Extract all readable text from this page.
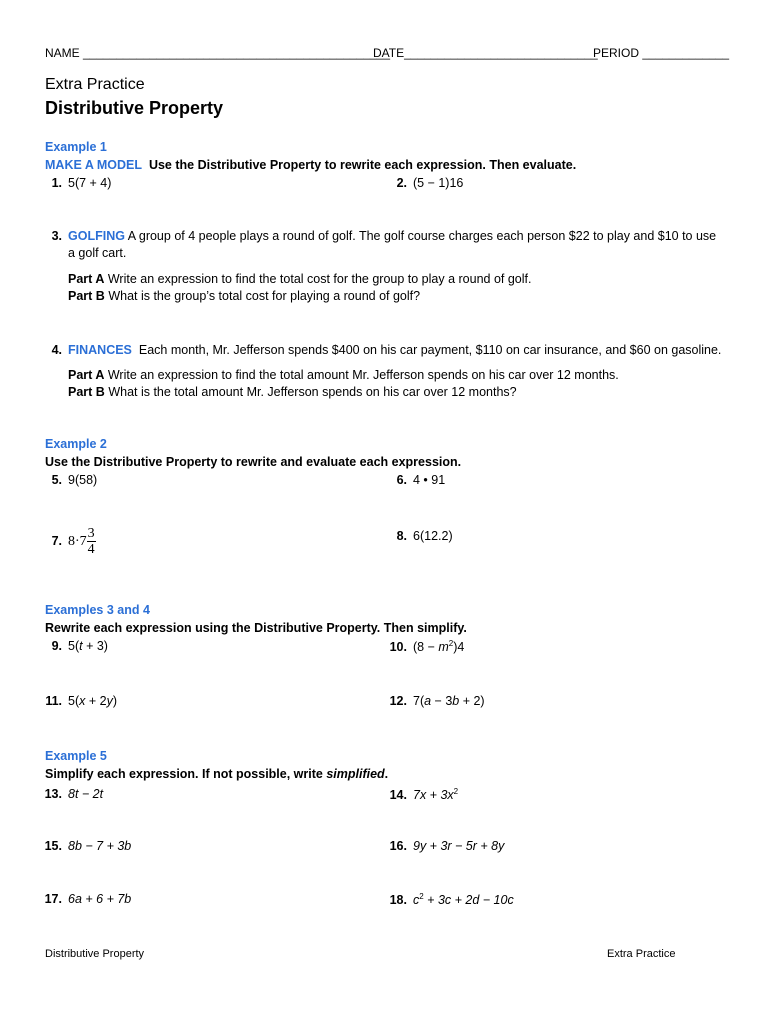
NAME ______________________________________________
DATE_____________________________
PERIOD _____________
Extra Practice
Distributive Property
Example 1
MAKE A MODEL Use the Distributive Property to rewrite each expression. Then evaluate.
1. 5(7 + 4)	2. (5 − 1)16
3. GOLFING A group of 4 people plays a round of golf. The golf course charges each person $22 to play and $10 to use
a golf cart.
Part A Write an expression to find the total cost for the group to play a round of golf.
Part B What is the group’s total cost for playing a round of golf?
4. FINANCES Each month, Mr. Jefferson spends $400 on his car payment, $110 on car insurance, and $60 on gasoline.
Part A Write an expression to find the total amount Mr. Jefferson spends on his car over 12 months.
Part B What is the total amount Mr. Jefferson spends on his car over 12 months?
Example 2
Use the Distributive Property to rewrite and evaluate each expression.
5. 9(58)	6. 4 • 91
7. $8\cdot 7 \frac{3}{4}$	8. 6(12.2)
Examples 3 and 4
Rewrite each expression using the Distributive Property. Then simplify.
9. 5(t + 3)	10. $(8 - m^2)4$
11. 5(x + 2y)	12. 7(a − 3b + 2)
Example 5
Simplify each expression. If not possible, write simplified.
13. 8t − 2t	14. $7x + 3x^2$
15. 8b − 7 + 3b	16. 9y + 3r − 5r + 8y
17. 6a + 6 + 7b	18. $c^2 + 3c + 2d - 10c$
Distributive Property	Extra Practice
